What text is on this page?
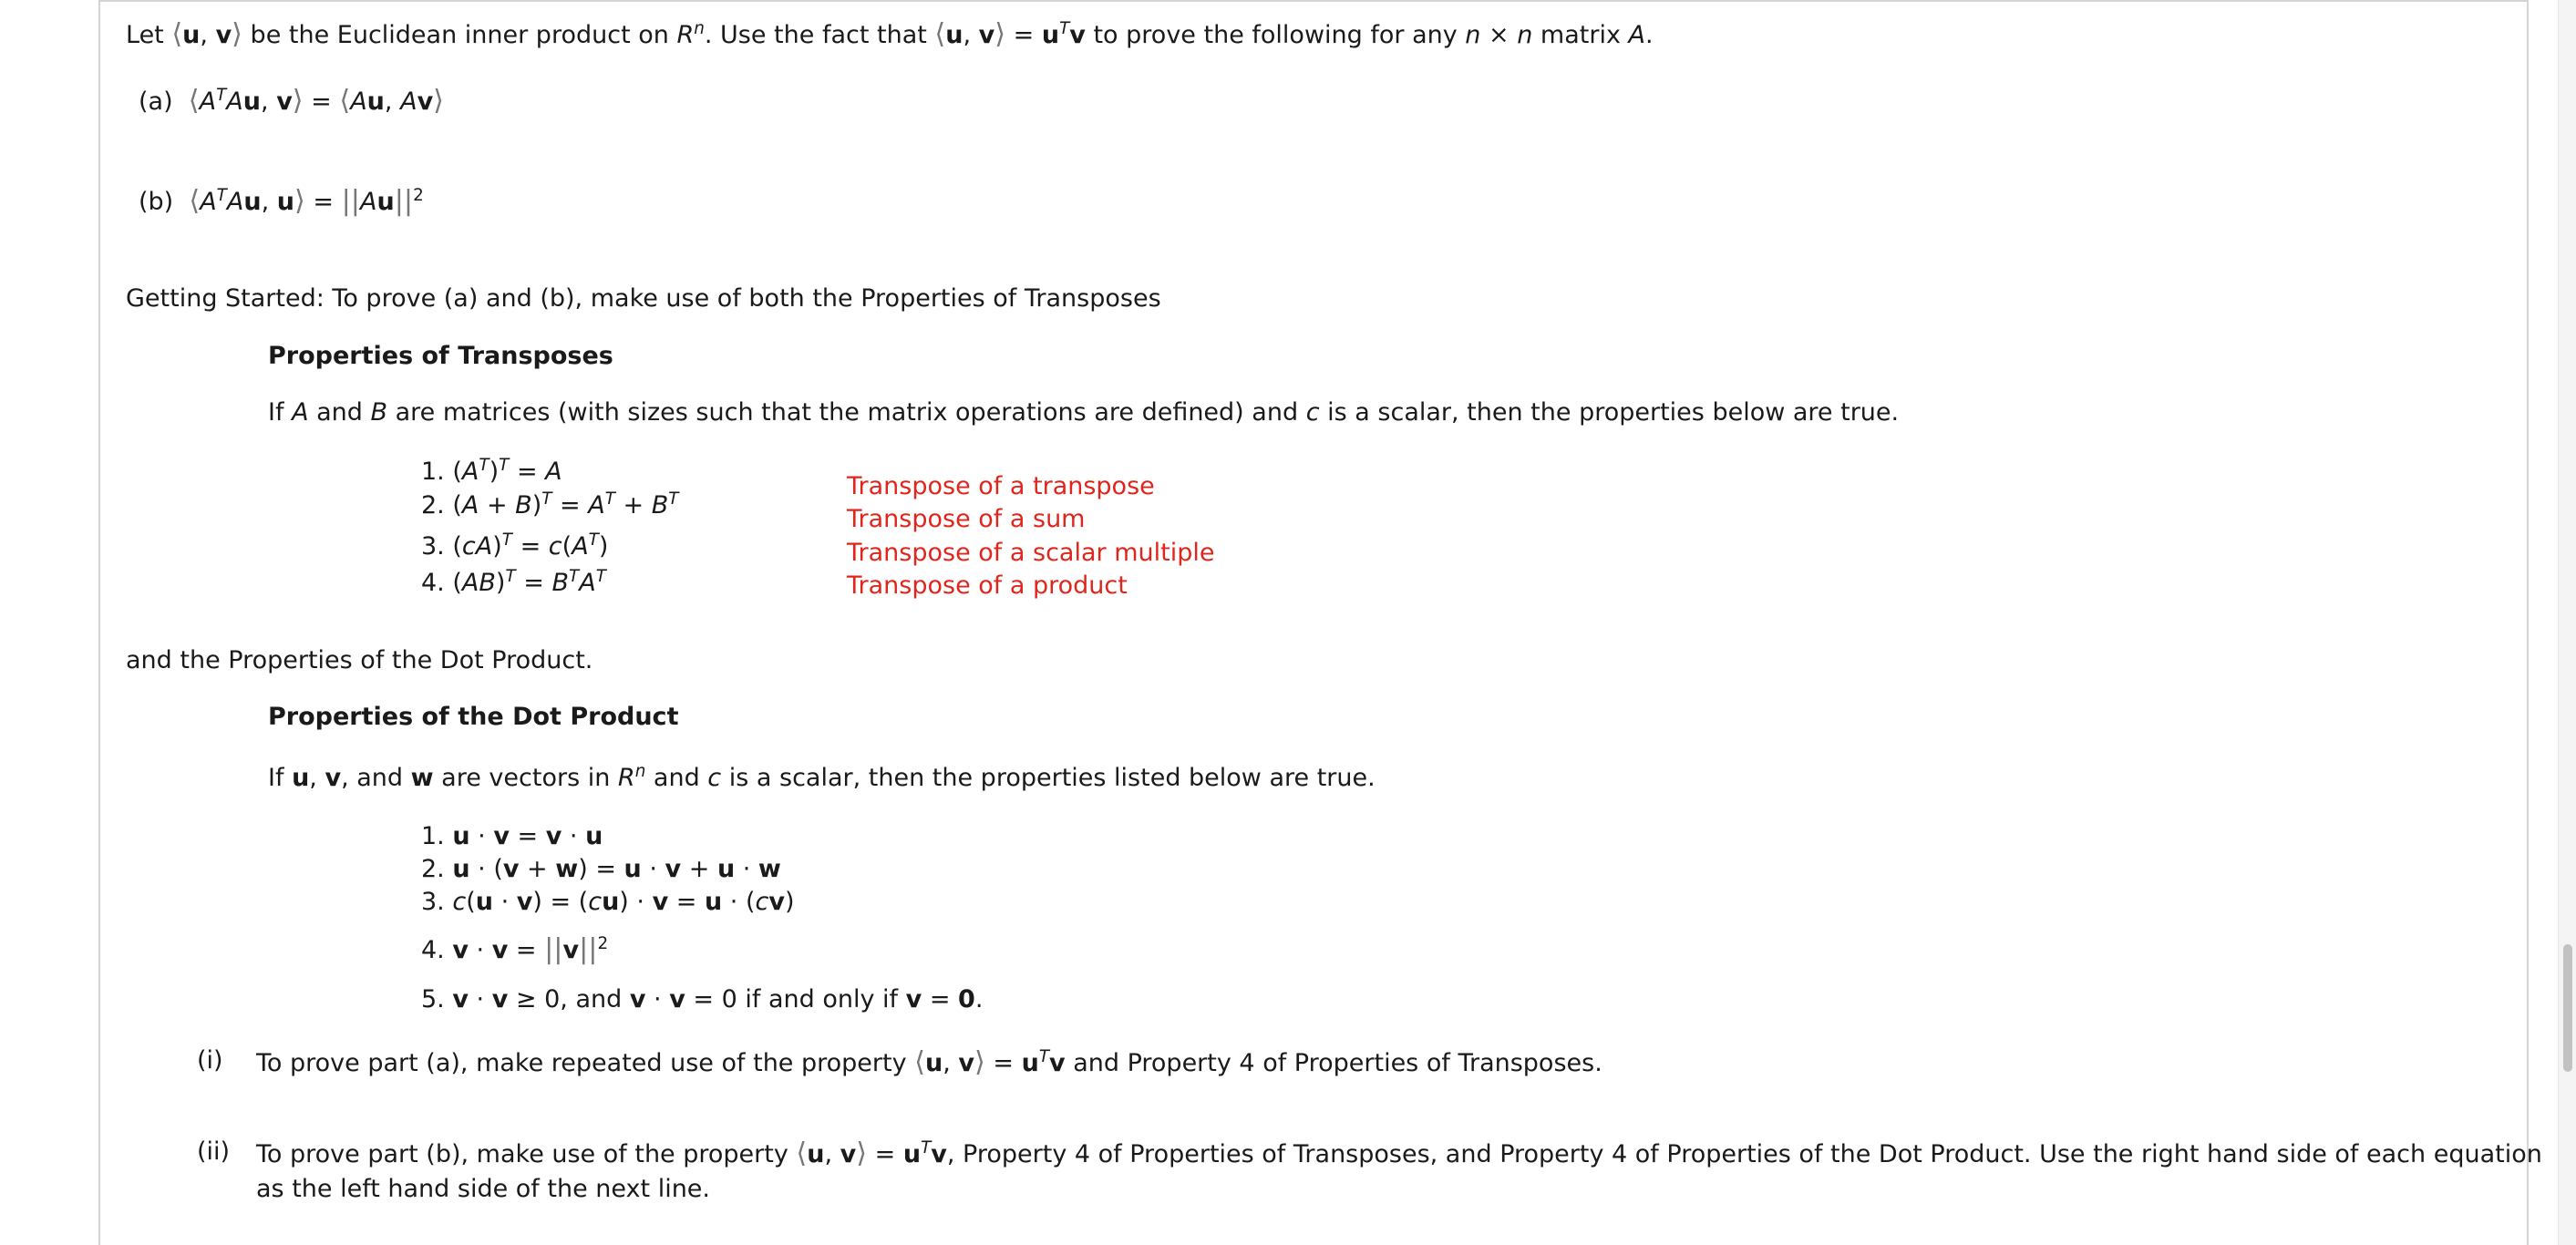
Let ⟨u, v⟩ be the Euclidean inner product on $R^n$. Use the fact that ⟨u, v⟩ = $u^Tv$ to prove the following for any n × n matrix A.
(a) $⟨A^TAu$, v⟩ = ⟨Au, Av⟩
(b) $⟨A^TAu$, u⟩ = $||Au||^2$
Getting Started: To prove (a) and (b), make use of both the Properties of Transposes
Properties of Transposes
If A and B are matrices (with sizes such that the matrix operations are defined) and c is a scalar, then the properties below are true.
1. $(A^T)^T = A$
2. $(A + B)^T = A^T + B^T$
3. $(cA)^T = c(A^T)$
4. $(AB)^T = B^TA^T$
Transpose of a transpose
Transpose of a sum
Transpose of a scalar multiple
Transpose of a product
and the Properties of the Dot Product.
Properties of the Dot Product
If u, v, and w are vectors in $R^n$ and c is a scalar, then the properties listed below are true.
1. u · v = v · u
2. u · (v + w) = u · v + u · w
3. c(u · v) = (cu) · v = u · (cv)
4. $v \cdot v = ||v||^2$
5. v · v ≥ 0, and v · v = 0 if and only if v = 0.
(i) To prove part (a), make repeated use of the property ⟨u, v⟩ = $u^Tv$ and Property 4 of Properties of Transposes.
(ii) To prove part (b), make use of the property ⟨u, v⟩ = $u^Tv$, Property 4 of Properties of Transposes, and Property 4 of Properties of the Dot Product. Use the right hand side of each equation
as the left hand side of the next line.
